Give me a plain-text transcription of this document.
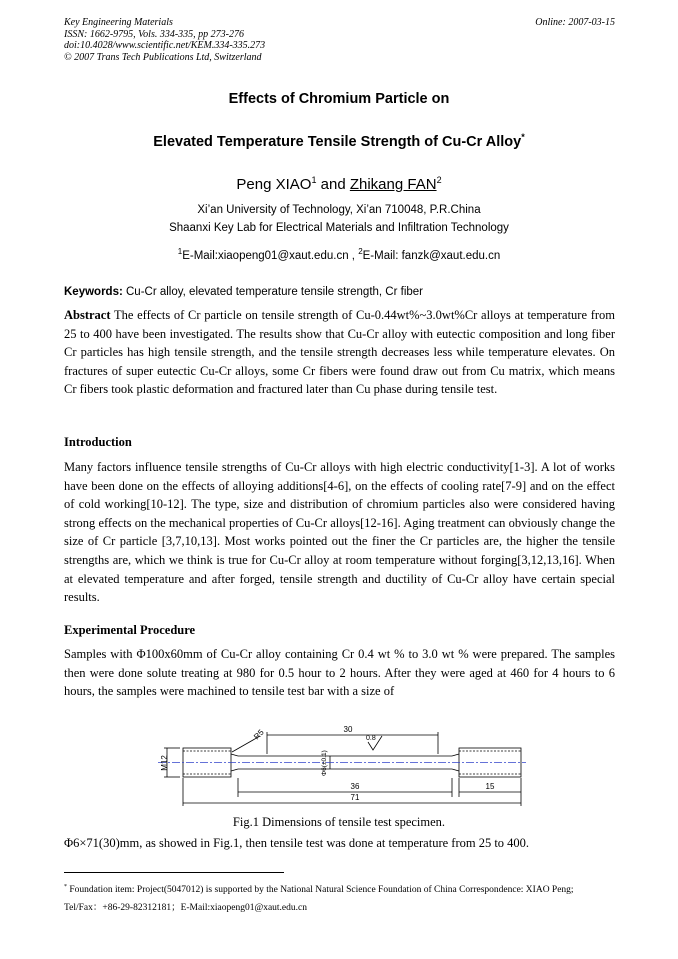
Key Engineering Materials
ISSN: 1662-9795, Vols. 334-335, pp 273-276
doi:10.4028/www.scientific.net/KEM.334-335.273
© 2007 Trans Tech Publications Ltd, Switzerland
Online: 2007-03-15
Effects of Chromium Particle on
Elevated Temperature Tensile Strength of Cu-Cr Alloy*
Peng XIAO$^1$ and Zhikang FAN$^2$
Xi’an University of Technology, Xi’an 710048, P.R.China
Shaanxi Key Lab for Electrical Materials and Infiltration Technology
$^1$E-Mail:xiaopeng01@xaut.edu.cn , $^2$E-Mail: fanzk@xaut.edu.cn
Keywords: Cu-Cr alloy, elevated temperature tensile strength, Cr fiber
Abstract The effects of Cr particle on tensile strength of Cu-0.44wt%~3.0wt%Cr alloys at temperature from 25 to 400 have been investigated. The results show that Cu-Cr alloy with eutectic composition and long fiber Cr particles has high tensile strength, and the tensile strength decreases less while temperature elevates. On fractures of super eutectic Cu-Cr alloys, some Cr fibers were found draw out from Cu matrix, which means Cr fibers took plastic deformation and fractured later than Cu phase during tensile test.
Introduction
Many factors influence tensile strengths of Cu-Cr alloys with high electric conductivity[1-3]. A lot of works have been done on the effects of alloying additions[4-6], on the effects of cooling rate[7-9] and on the effect of cold working[10-12]. The type, size and distribution of chromium particles also were considered having strong effects on the mechanical properties of Cu-Cr alloys[12-16]. Aging treatment can obviously change the size of Cr particle [3,7,10,13]. Most works pointed out the finer the Cr particles are, the higher the tensile strengths are, which we think is true for Cu-Cr alloy at room temperature without forging[3,12,13,16]. When at elevated temperature and after forged, tensile strength and ductility of Cu-Cr alloy have certain special results.
Experimental Procedure
Samples with Φ100x60mm of Cu-Cr alloy containing Cr 0.4 wt % to 3.0 wt % were prepared. The samples then were done solute treating at 980 for 0.5 hour to 2 hours. After they were aged at 460 for 4 hours to 6 hours, the samples were machined to tensile test bar with a size of
30
M12
R5	0.8
Φ6(±0.1)
36	15
71
Fig.1 Dimensions of tensile test specimen.
Φ6×71(30)mm, as showed in Fig.1, then tensile test was done at temperature from 25 to 400.
* Foundation item: Project(5047012) is supported by the National Natural Science Foundation of China Correspondence: XIAO Peng;
Tel/Fax：+86-29-82312181；E-Mail:xiaopeng01@xaut.edu.cn
